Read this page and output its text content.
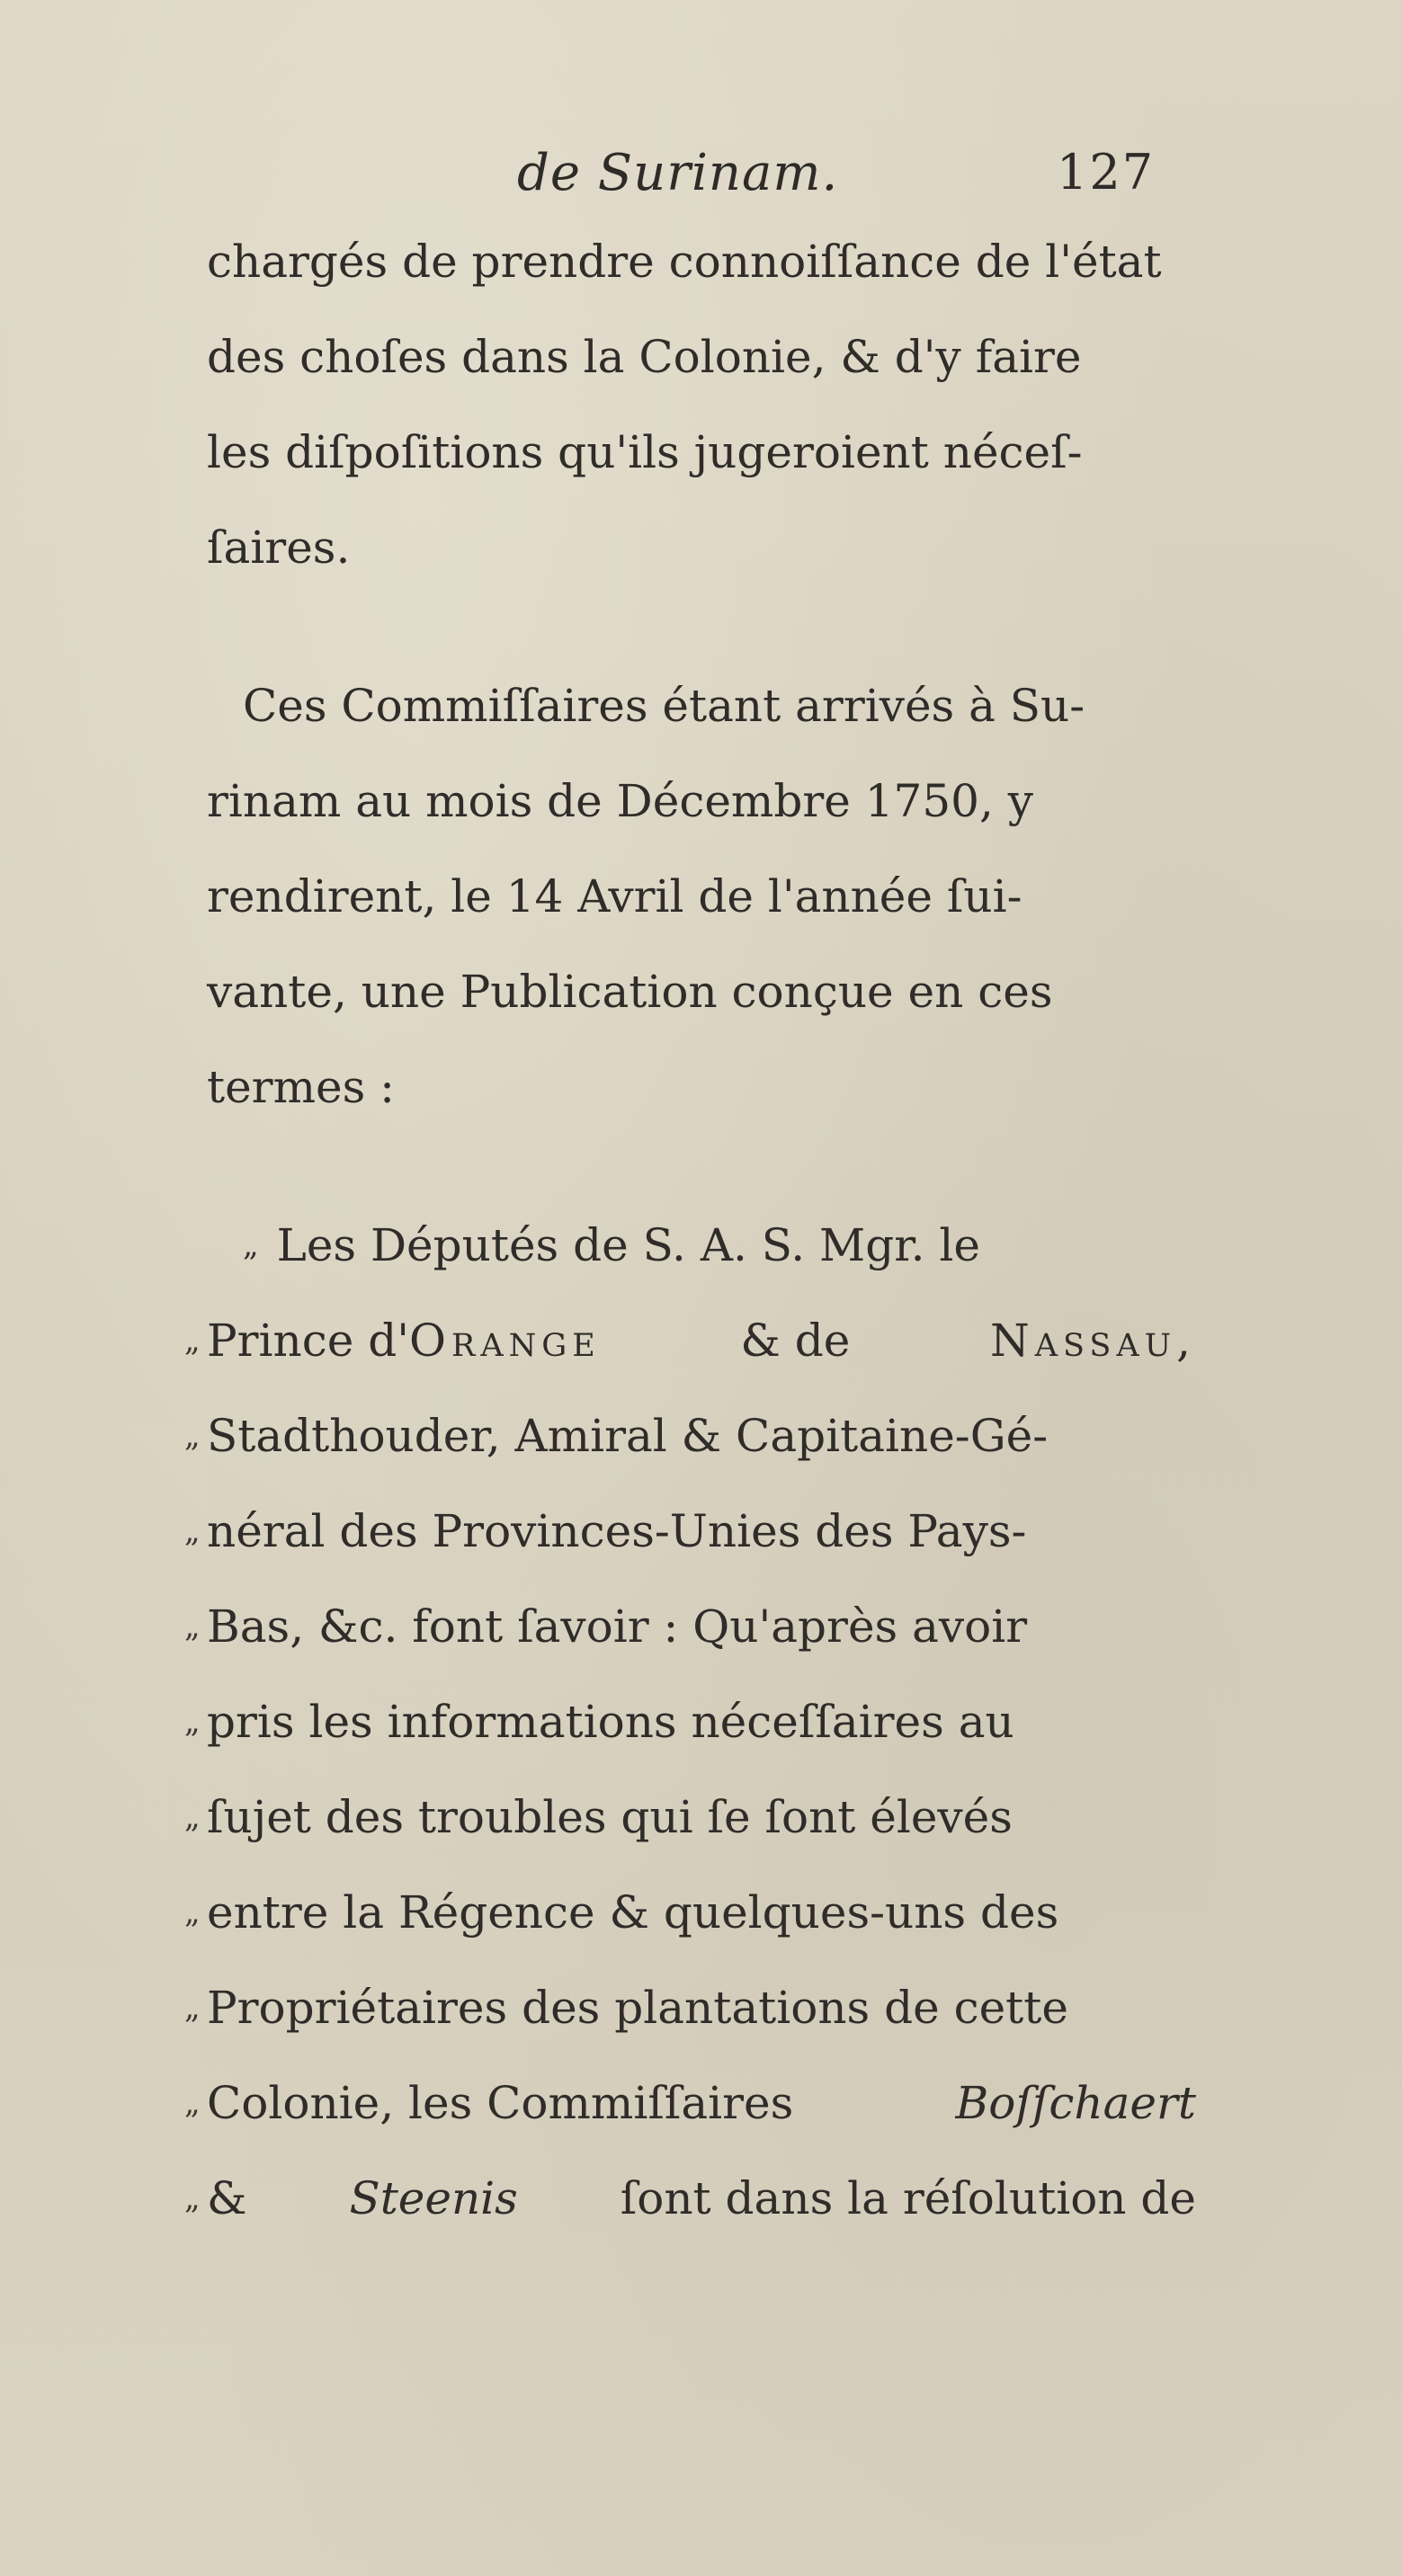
de Surinam.	127
chargés de prendre connoiſſance de l'état
des choſes dans la Colonie, & d'y faire
les diſpoſitions qu'ils jugeroient néceſ-
ſaires.
Ces Commiſſaires étant arrivés à Su-
rinam au mois de Décembre 1750, y
rendirent, le 14 Avril de l'année ſui-
vante, une Publication conçue en ces
termes :
„ Les Députés de S. A. S. Mgr. le
„ Prince d'Orange	& de	Nassau,
„ Stadthouder, Amiral & Capitaine-Gé-
„ néral des Provinces-Unies des Pays-
„ Bas, &c. font ſavoir : Qu'après avoir
„ pris les informations néceſſaires au
„ ſujet des troubles qui ſe ſont élevés
„ entre la Régence & quelques-uns des
„ Propriétaires des plantations de cette
„ Colonie, les Commiſſaires	Boſſchaert
„ & Steenis ſont dans la réſolution de
